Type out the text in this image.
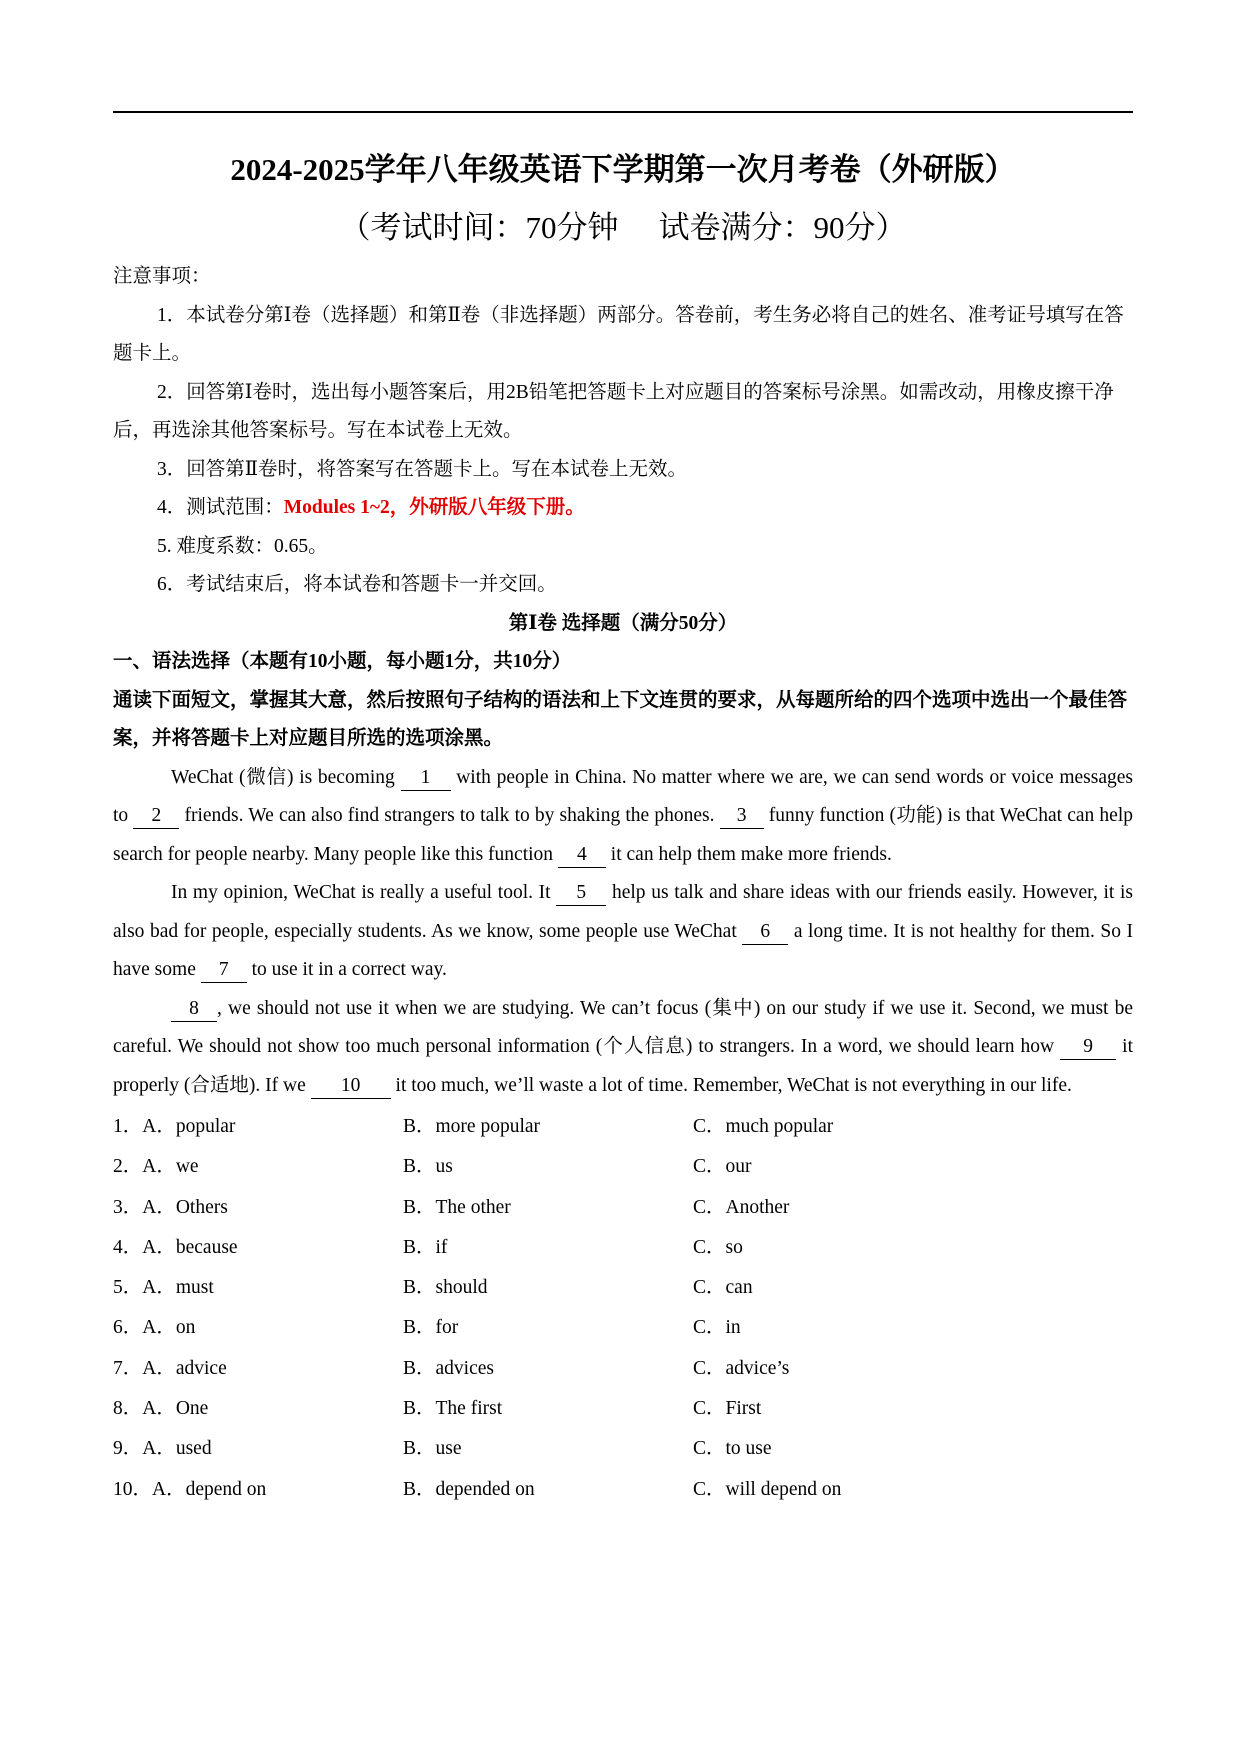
2024-2025学年八年级英语下学期第一次月考卷（外研版）
（考试时间：70分钟 试卷满分：90分）
注意事项：
1．本试卷分第Ⅰ卷（选择题）和第Ⅱ卷（非选择题）两部分。答卷前，考生务必将自己的姓名、准考证号填写在答题卡上。
2．回答第Ⅰ卷时，选出每小题答案后，用2B铅笔把答题卡上对应题目的答案标号涂黑。如需改动，用橡皮擦干净后，再选涂其他答案标号。写在本试卷上无效。
3．回答第Ⅱ卷时，将答案写在答题卡上。写在本试卷上无效。
4．测试范围：Modules 1~2，外研版八年级下册。
5. 难度系数：0.65。
6．考试结束后，将本试卷和答题卡一并交回。
第Ⅰ卷 选择题（满分50分）
一、语法选择（本题有10小题，每小题1分，共10分）
通读下面短文，掌握其大意，然后按照句子结构的语法和上下文连贯的要求，从每题所给的四个选项中选出一个最佳答案，并将答题卡上对应题目所选的选项涂黑。
WeChat (微信) is becoming 1 with people in China. No matter where we are, we can send words or voice messages to 2 friends. We can also find strangers to talk to by shaking the phones. 3 funny function (功能) is that WeChat can help search for people nearby. Many people like this function 4 it can help them make more friends.
In my opinion, WeChat is really a useful tool. It 5 help us talk and share ideas with our friends easily. However, it is also bad for people, especially students. As we know, some people use WeChat 6 a long time. It is not healthy for them. So I have some 7 to use it in a correct way.
8 , we should not use it when we are studying. We can’t focus (集中) on our study if we use it. Second, we must be careful. We should not show too much personal information (个人信息) to strangers. In a word, we should learn how 9 it properly (合适地). If we 10 it too much, we’ll waste a lot of time. Remember, WeChat is not everything in our life.
1．A．popular	B．more popular	C．much popular
2．A．we	B．us	C．our
3．A．Others	B．The other	C．Another
4．A．because	B．if	C．so
5．A．must	B．should	C．can
6．A．on	B．for	C．in
7．A．advice	B．advices	C．advice’s
8．A．One	B．The first	C．First
9．A．used	B．use	C．to use
10．A．depend on	B．depended on	C．will depend on
